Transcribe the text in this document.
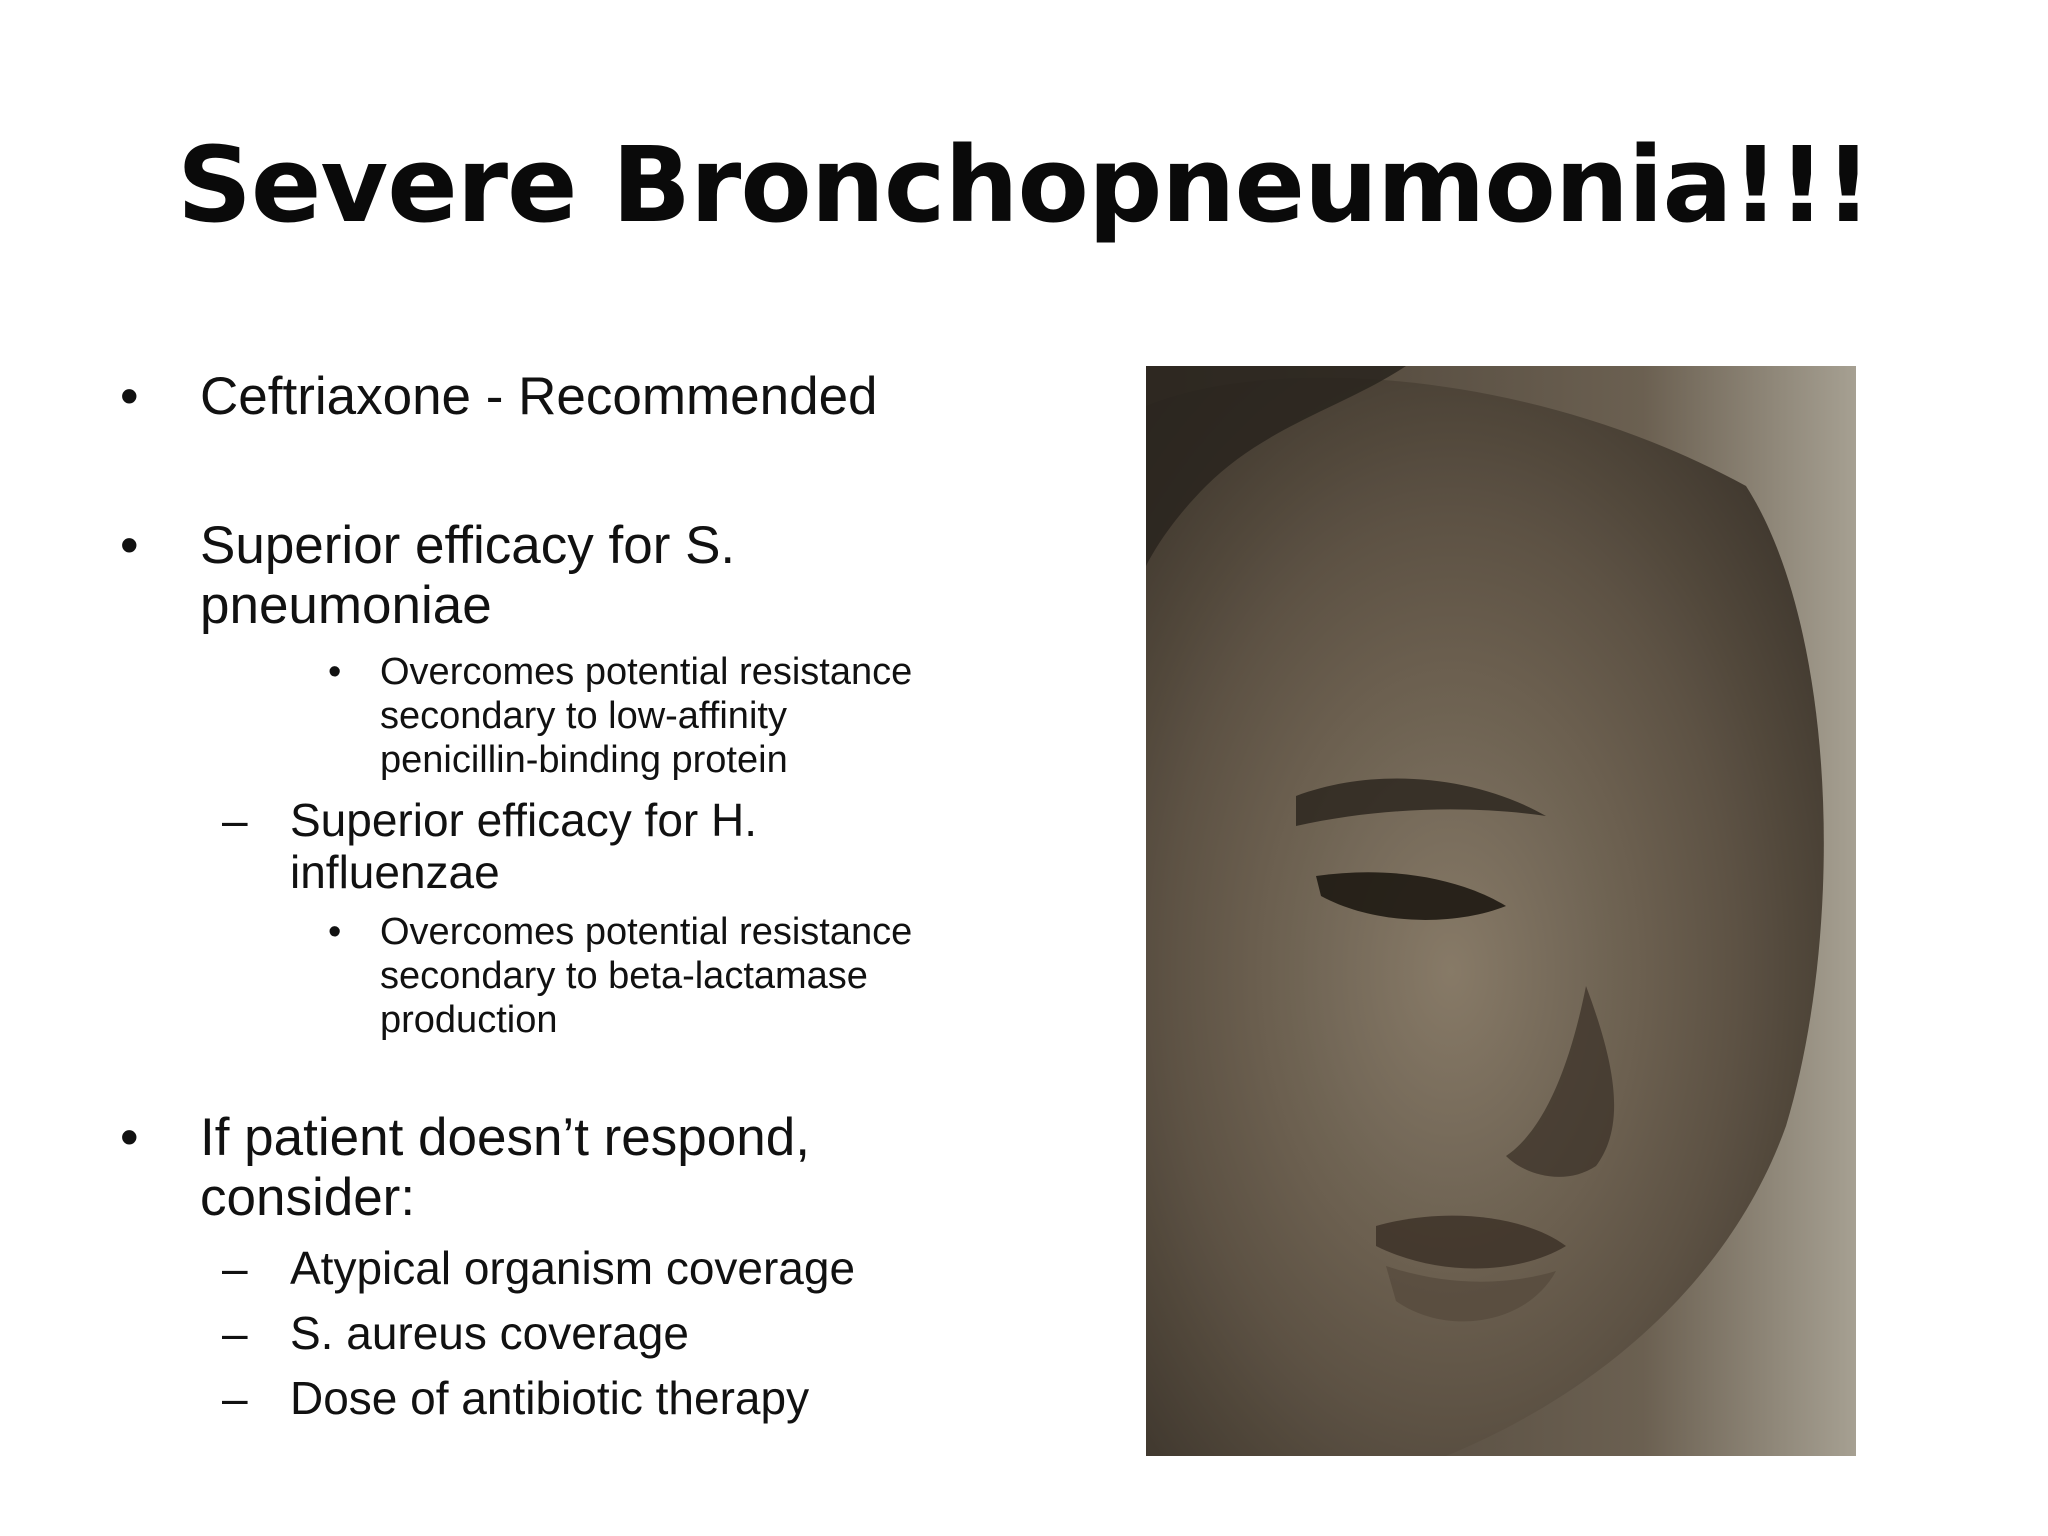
Severe Bronchopneumonia!!!
• Ceftriaxone - Recommended

• Superior efficacy for S.

pneumoniae

• Overcomes potential resistance

secondary to low-affinity

penicillin-binding protein

– Superior efficacy for H.

influenzae

• Overcomes potential resistance

secondary to beta-lactamase

production

• If patient doesn’t respond,

consider:

– Atypical organism coverage

– S. aureus coverage

– Dose of antibiotic therapy
